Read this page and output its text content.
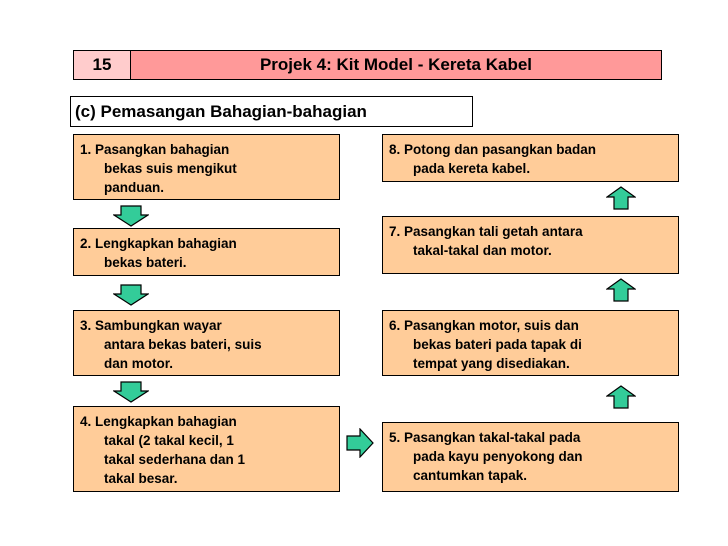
15	Projek 4: Kit Model - Kereta Kabel
(c) Pemasangan Bahagian-bahagian
1. Pasangkan bahagian
bekas suis mengikut
panduan.
2. Lengkapkan bahagian
bekas bateri.
3. Sambungkan wayar
antara bekas bateri, suis
dan motor.
4. Lengkapkan bahagian
takal (2 takal kecil, 1
takal sederhana dan 1
takal besar.
8. Potong dan pasangkan badan
pada kereta kabel.
7. Pasangkan tali getah antara
takal-takal dan motor.
6. Pasangkan motor, suis dan
bekas bateri pada tapak di
tempat yang disediakan.
5. Pasangkan takal-takal pada
pada kayu penyokong dan
cantumkan tapak.
